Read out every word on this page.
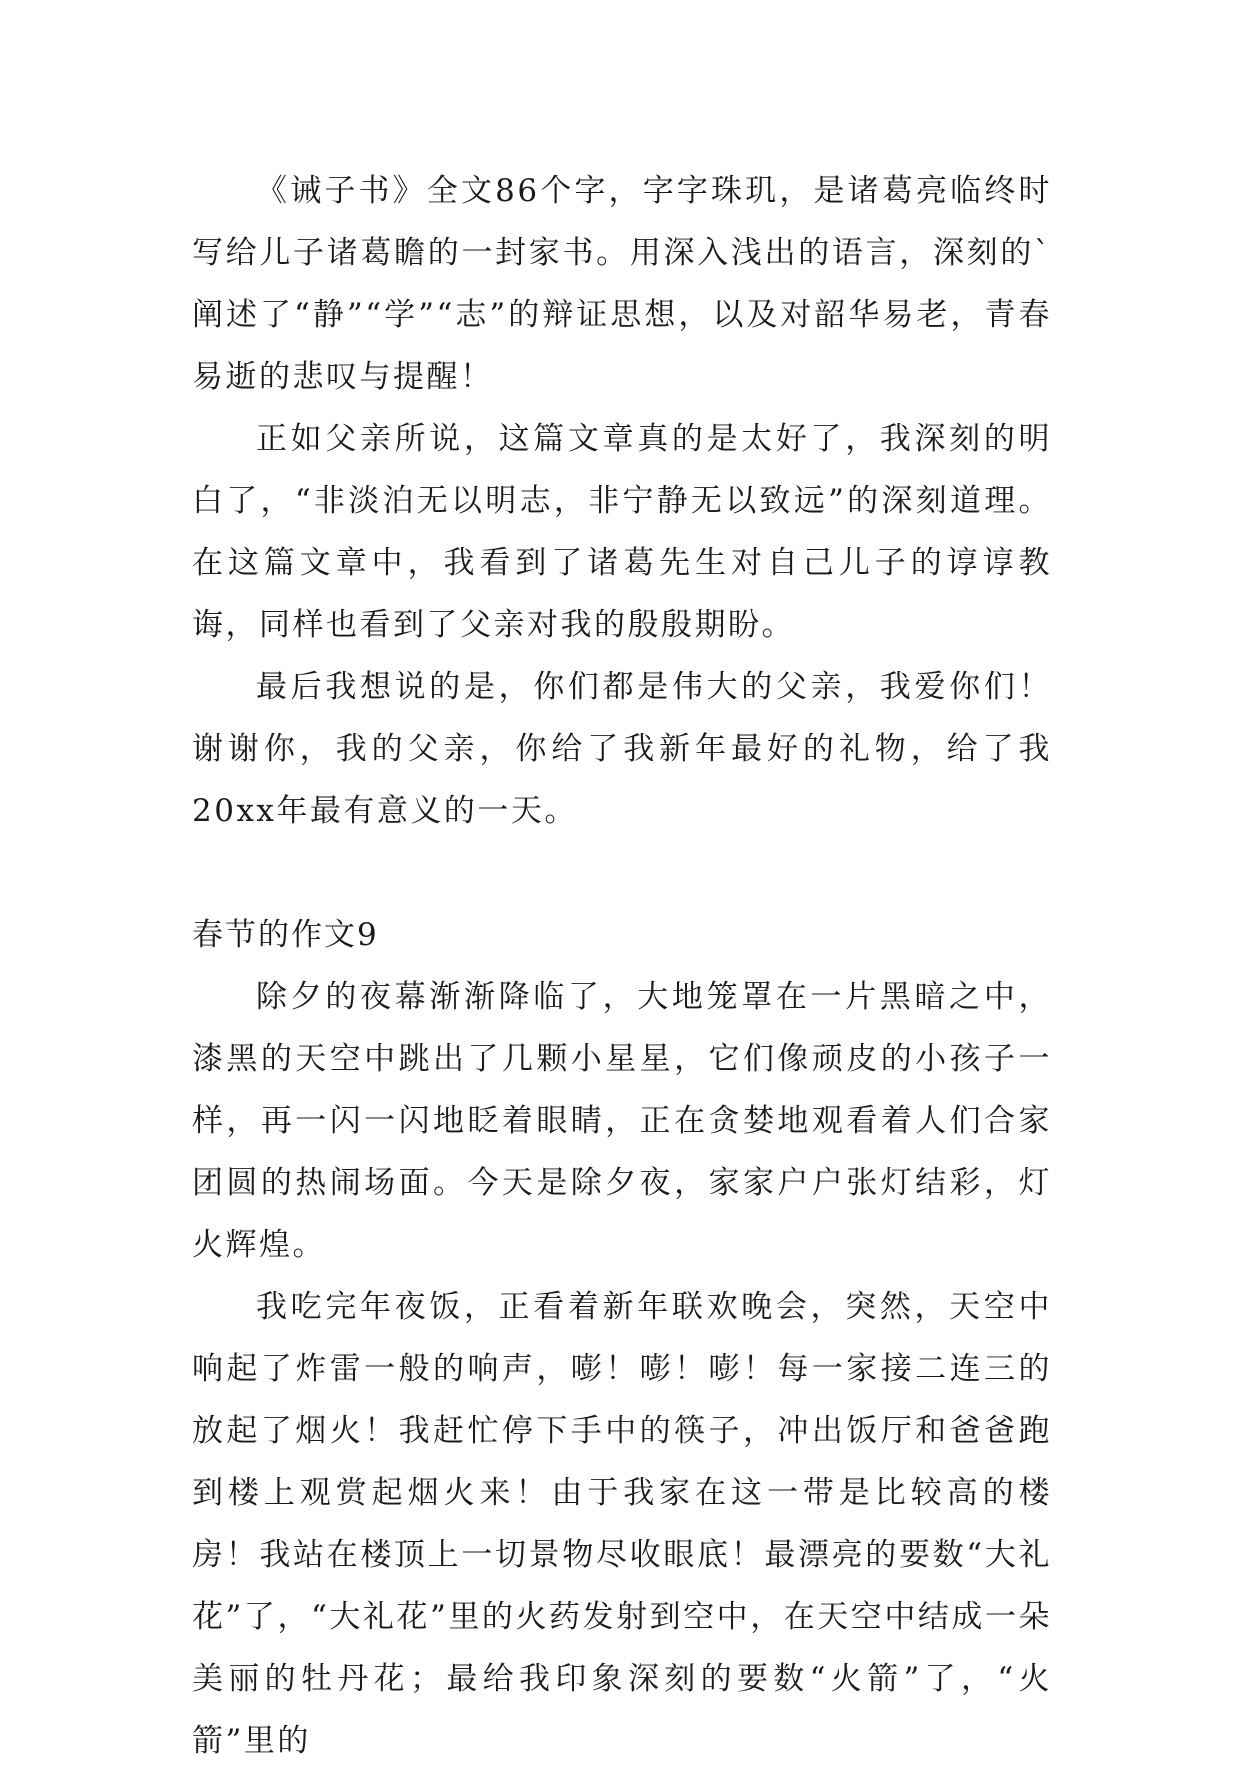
《诫子书》全文86个字，字字珠玑，是诸葛亮临终时写给儿子诸葛瞻的一封家书。用深入浅出的语言，深刻的`阐述了“静”“学”“志”的辩证思想，以及对韶华易老，青春易逝的悲叹与提醒！

正如父亲所说，这篇文章真的是太好了，我深刻的明白了，“非淡泊无以明志，非宁静无以致远”的深刻道理。在这篇文章中，我看到了诸葛先生对自己儿子的谆谆教诲，同样也看到了父亲对我的殷殷期盼。

最后我想说的是，你们都是伟大的父亲，我爱你们！谢谢你，我的父亲，你给了我新年最好的礼物，给了我20xx年最有意义的一天。

春节的作文9

除夕的夜幕渐渐降临了，大地笼罩在一片黑暗之中，漆黑的天空中跳出了几颗小星星，它们像顽皮的小孩子一样，再一闪一闪地眨着眼睛，正在贪婪地观看着人们合家团圆的热闹场面。今天是除夕夜，家家户户张灯结彩，灯火辉煌。

我吃完年夜饭，正看着新年联欢晚会，突然，天空中响起了炸雷一般的响声，嘭！嘭！嘭！每一家接二连三的放起了烟火！我赶忙停下手中的筷子，冲出饭厅和爸爸跑到楼上观赏起烟火来！由于我家在这一带是比较高的楼房！我站在楼顶上一切景物尽收眼底！最漂亮的要数“大礼花”了，“大礼花”里的火药发射到空中，在天空中结成一朵美丽的牡丹花；最给我印象深刻的要数“火箭”了，“火箭”里的
